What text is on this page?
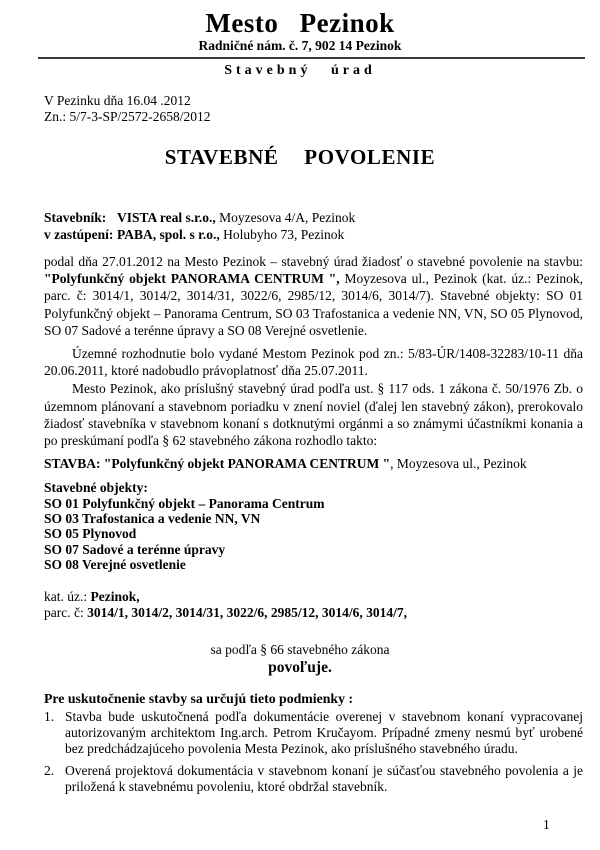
Mesto Pezinok
Radničné nám. č. 7, 902 14 Pezinok
Stavebný úrad
V Pezinku dňa 16.04 .2012
Zn.: 5/7-3-SP/2572-2658/2012
STAVEBNÉ POVOLENIE
Stavebník: VISTA real s.r.o., Moyzesova 4/A, Pezinok
v zastúpení: PABA, spol. s r.o., Holubyho 73, Pezinok

podal dňa 27.01.2012 na Mesto Pezinok – stavebný úrad žiadosť o stavebné povolenie na stavbu: "Polyfunkčný objekt PANORAMA CENTRUM ", Moyzesova ul., Pezinok (kat. úz.: Pezinok, parc. č: 3014/1, 3014/2, 3014/31, 3022/6, 2985/12, 3014/6, 3014/7). Stavebné objekty: SO 01 Polyfunkčný objekt – Panorama Centrum, SO 03 Trafostanica a vedenie NN, VN, SO 05 Plynovod, SO 07 Sadové a terénne úpravy a SO 08 Verejné osvetlenie.

Územné rozhodnutie bolo vydané Mestom Pezinok pod zn.: 5/83-ÚR/1408-32283/10-11 dňa 20.06.2011, ktoré nadobudlo právoplatnosť dňa 25.07.2011.

Mesto Pezinok, ako príslušný stavebný úrad podľa ust. § 117 ods. 1 zákona č. 50/1976 Zb. o územnom plánovaní a stavebnom poriadku v znení noviel (ďalej len stavebný zákon), prerokovalo žiadosť stavebníka v stavebnom konaní s dotknutými orgánmi a so známymi účastníkmi konania a po preskúmaní podľa § 62 stavebného zákona rozhodlo takto:

STAVBA: "Polyfunkčný objekt PANORAMA CENTRUM ", Moyzesova ul., Pezinok

Stavebné objekty:
SO 01 Polyfunkčný objekt – Panorama Centrum
SO 03 Trafostanica a vedenie NN, VN
SO 05 Plynovod
SO 07 Sadové a terénne úpravy
SO 08 Verejné osvetlenie
kat. úz.: Pezinok,
parc. č: 3014/1, 3014/2, 3014/31, 3022/6, 2985/12, 3014/6, 3014/7,
sa podľa § 66 stavebného zákona
povoľuje.
Pre uskutočnenie stavby sa určujú tieto podmienky :
1. Stavba bude uskutočnená podľa dokumentácie overenej v stavebnom konaní vypracovanej autorizovaným architektom Ing.arch. Petrom Kručayom. Prípadné zmeny nesmú byť urobené bez predchádzajúceho povolenia Mesta Pezinok, ako príslušného stavebného úradu.
2. Overená projektová dokumentácia v stavebnom konaní je súčasťou stavebného povolenia a je priložená k stavebnému povoleniu, ktoré obdržal stavebník.
1
